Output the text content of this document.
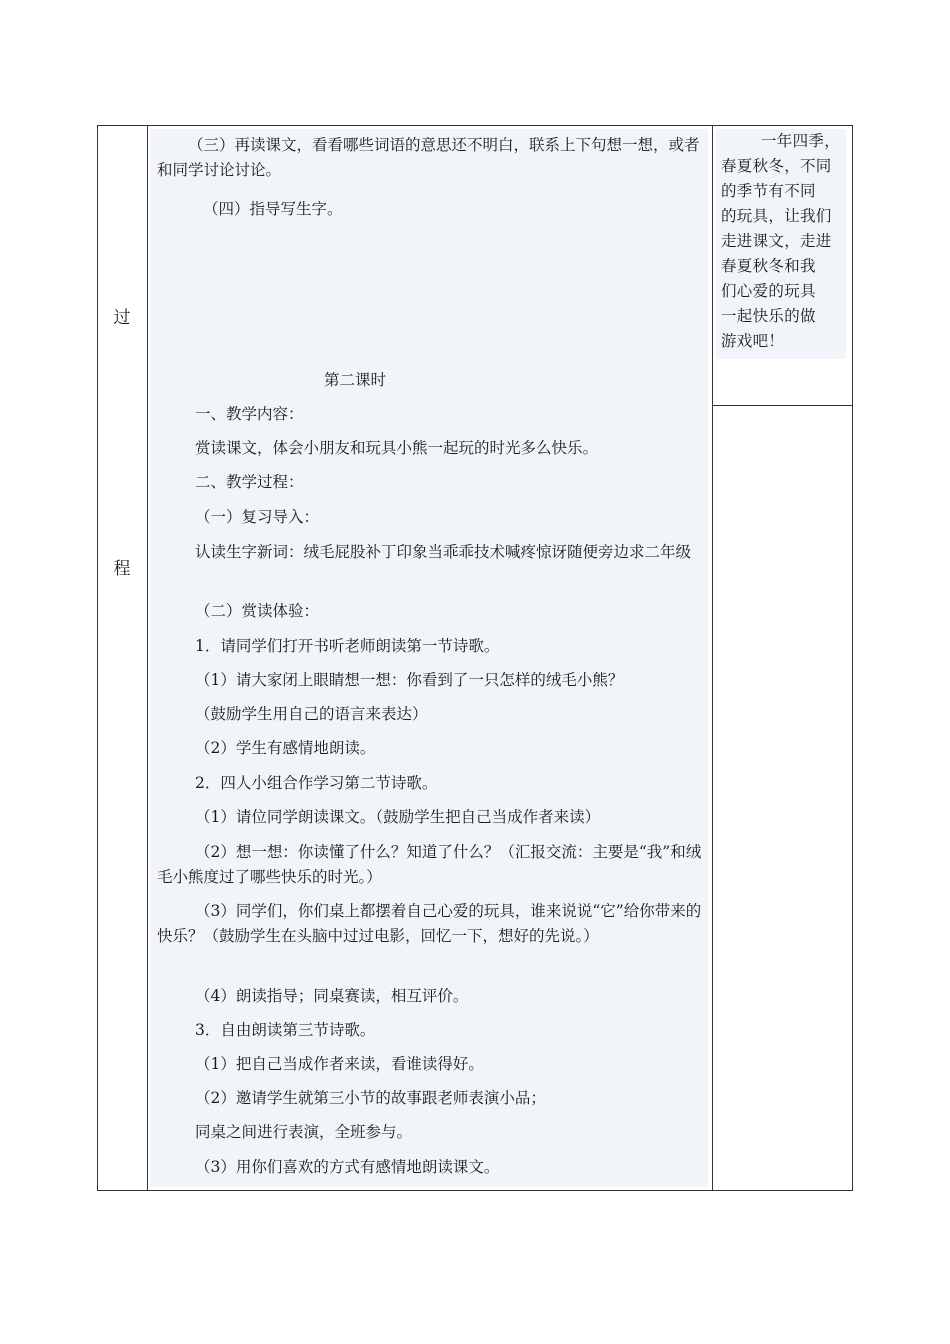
过
程
（三）再读课文，看看哪些词语的意思还不明白，联系上下句想一想，或者和同学讨论讨论。
（四）指导写生字。
第二课时
一、教学内容：
赏读课文，体会小朋友和玩具小熊一起玩的时光多么快乐。
二、教学过程：
（一）复习导入：
认读生字新词：绒毛屁股补丁印象当乖乖技术喊疼惊讶随便旁边求二年级
（二）赏读体验：
1．请同学们打开书听老师朗读第一节诗歌。
（1）请大家闭上眼睛想一想：你看到了一只怎样的绒毛小熊？
（鼓励学生用自己的语言来表达）
（2）学生有感情地朗读。
2．四人小组合作学习第二节诗歌。
（1）请位同学朗读课文。（鼓励学生把自己当成作者来读）
（2）想一想：你读懂了什么？知道了什么？（汇报交流：主要是“我”和绒毛小熊度过了哪些快乐的时光。）
（3）同学们，你们桌上都摆着自己心爱的玩具，谁来说说“它”给你带来的快乐？（鼓励学生在头脑中过过电影，回忆一下，想好的先说。）
（4）朗读指导；同桌赛读，相互评价。
3．自由朗读第三节诗歌。
（1）把自己当成作者来读，看谁读得好。
（2）邀请学生就第三小节的故事跟老师表演小品；
同桌之间进行表演，全班参与。
（3）用你们喜欢的方式有感情地朗读课文。
一年四季，
春夏秋冬，不同
的季节有不同
的玩具，让我们
走进课文，走进
春夏秋冬和我
们心爱的玩具
一起快乐的做
游戏吧！
